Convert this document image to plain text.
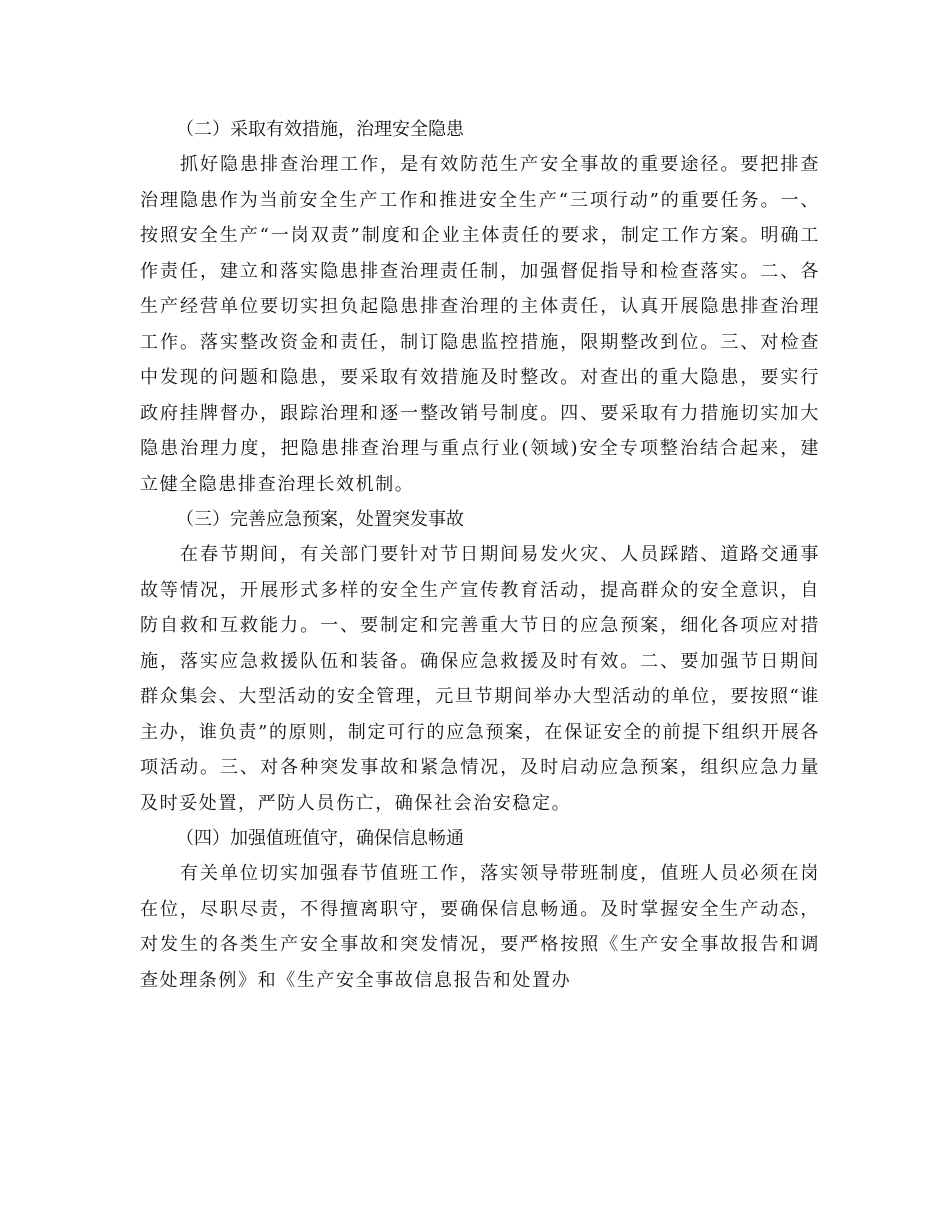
（二）采取有效措施，治理安全隐患

抓好隐患排查治理工作，是有效防范生产安全事故的重要途径。要把排查治理隐患作为当前安全生产工作和推进安全生产“三项行动”的重要任务。一、按照安全生产“一岗双责”制度和企业主体责任的要求，制定工作方案。明确工作责任，建立和落实隐患排查治理责任制，加强督促指导和检查落实。二、各生产经营单位要切实担负起隐患排查治理的主体责任，认真开展隐患排查治理工作。落实整改资金和责任，制订隐患监控措施，限期整改到位。三、对检查中发现的问题和隐患，要采取有效措施及时整改。对查出的重大隐患，要实行政府挂牌督办，跟踪治理和逐一整改销号制度。四、要采取有力措施切实加大隐患治理力度，把隐患排查治理与重点行业(领域)安全专项整治结合起来，建立健全隐患排查治理长效机制。

（三）完善应急预案，处置突发事故

在春节期间，有关部门要针对节日期间易发火灾、人员踩踏、道路交通事故等情况，开展形式多样的安全生产宣传教育活动，提高群众的安全意识，自防自救和互救能力。一、要制定和完善重大节日的应急预案，细化各项应对措施，落实应急救援队伍和装备。确保应急救援及时有效。二、要加强节日期间群众集会、大型活动的安全管理，元旦节期间举办大型活动的单位，要按照“谁主办，谁负责”的原则，制定可行的应急预案，在保证安全的前提下组织开展各项活动。三、对各种突发事故和紧急情况，及时启动应急预案，组织应急力量及时妥处置，严防人员伤亡，确保社会治安稳定。

（四）加强值班值守，确保信息畅通

有关单位切实加强春节值班工作，落实领导带班制度，值班人员必须在岗在位，尽职尽责，不得擅离职守，要确保信息畅通。及时掌握安全生产动态，对发生的各类生产安全事故和突发情况，要严格按照《生产安全事故报告和调查处理条例》和《生产安全事故信息报告和处置办
